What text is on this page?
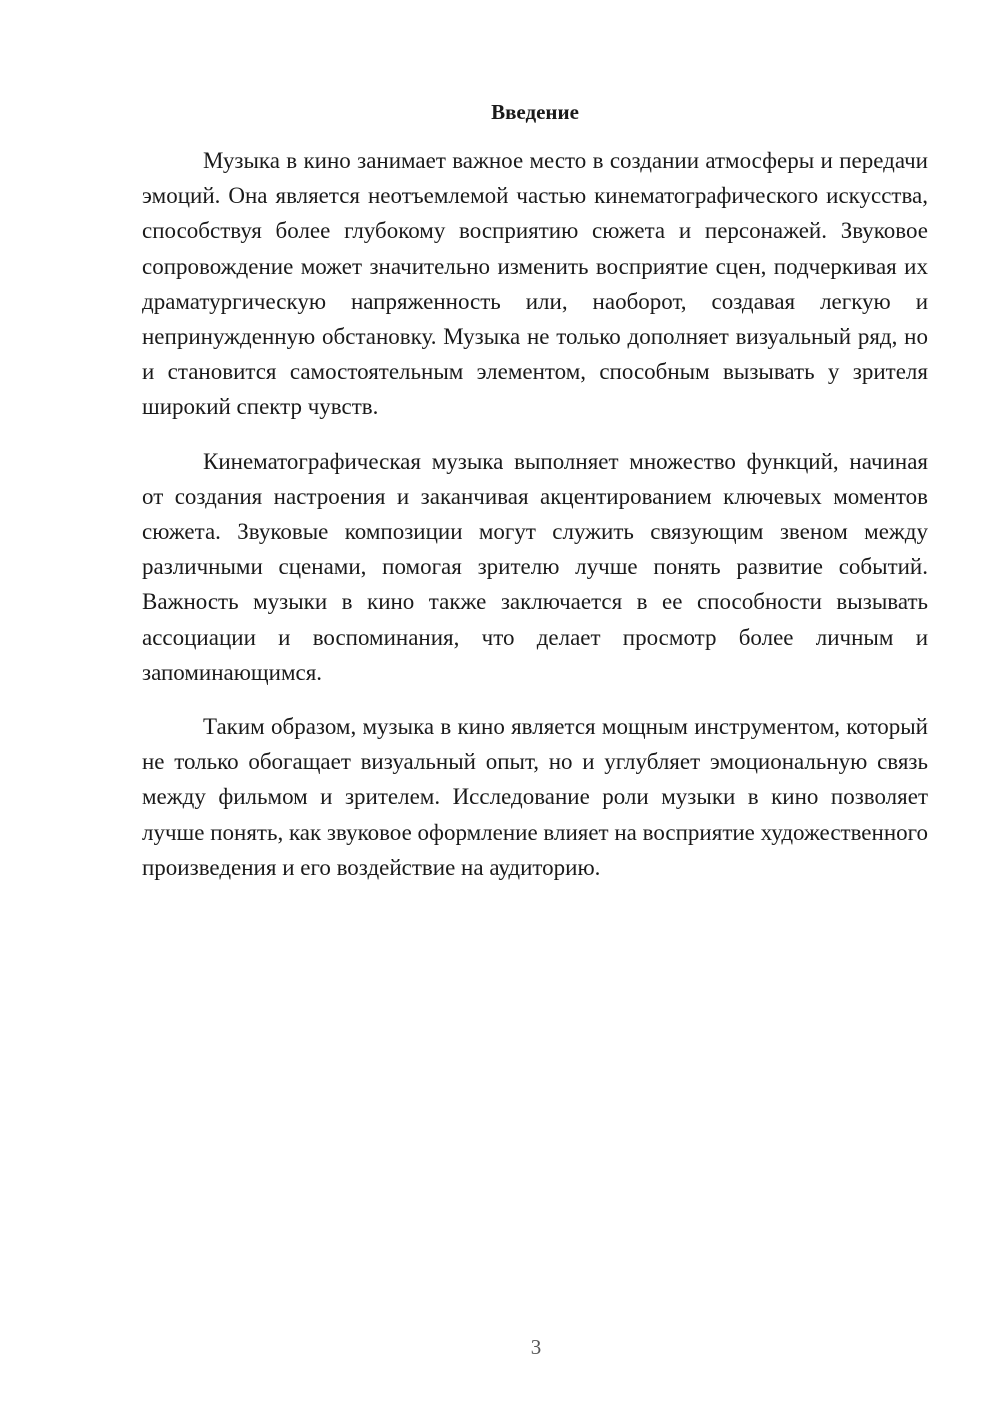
Введение

Музыка в кино занимает важное место в создании атмосферы и передачи эмоций. Она является неотъемлемой частью кинематографического искусства, способствуя более глубокому восприятию сюжета и персонажей. Звуковое сопровождение может значительно изменить восприятие сцен, подчеркивая их драматургическую напряженность или, наоборот, создавая легкую и непринужденную обстановку. Музыка не только дополняет визуальный ряд, но и становится самостоятельным элементом, способным вызывать у зрителя широкий спектр чувств.

Кинематографическая музыка выполняет множество функций, начиная от создания настроения и заканчивая акцентированием ключевых моментов сюжета. Звуковые композиции могут служить связующим звеном между различными сценами, помогая зрителю лучше понять развитие событий. Важность музыки в кино также заключается в ее способности вызывать ассоциации и воспоминания, что делает просмотр более личным и запоминающимся.

Таким образом, музыка в кино является мощным инструментом, который не только обогащает визуальный опыт, но и углубляет эмоциональную связь между фильмом и зрителем. Исследование роли музыки в кино позволяет лучше понять, как звуковое оформление влияет на восприятие художественного произведения и его воздействие на аудиторию.

3
